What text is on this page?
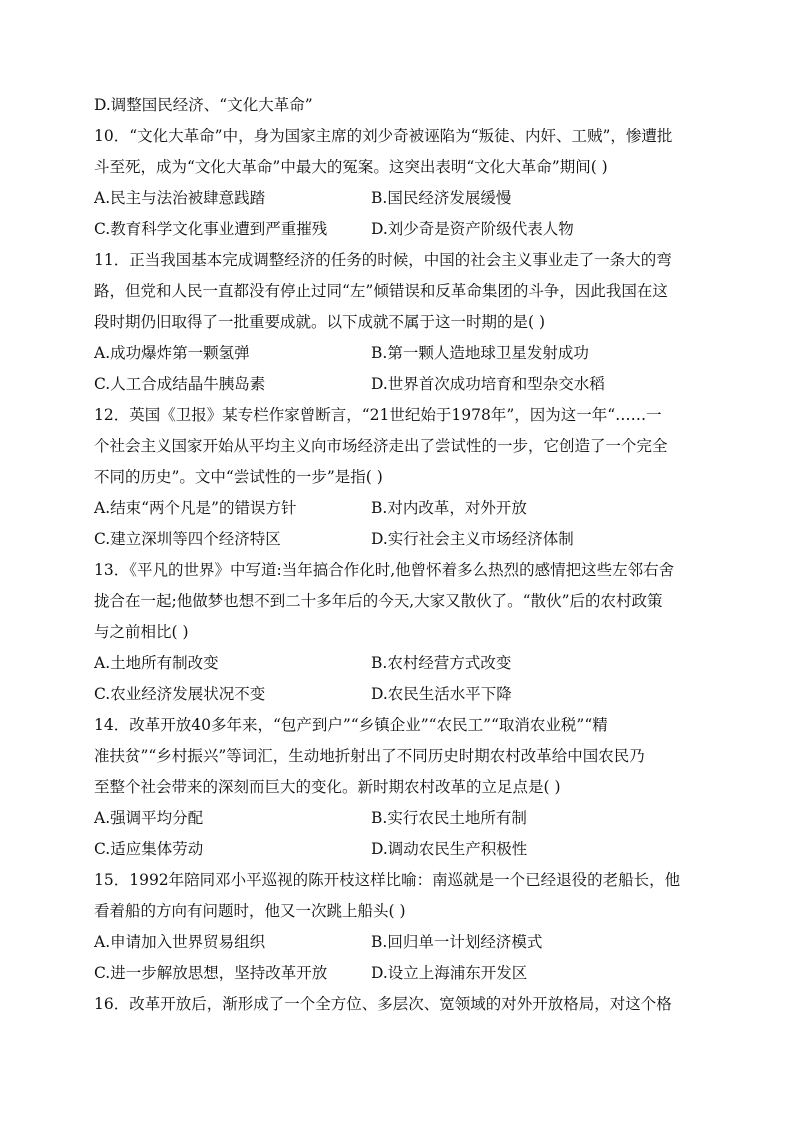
D.调整国民经济、“文化大革命”
10．“文化大革命”中，身为国家主席的刘少奇被诬陷为“叛徒、内奸、工贼”，惨遭批
斗至死，成为“文化大革命”中最大的冤案。这突出表明“文化大革命”期间( )
A.民主与法治被肆意践踏	B.国民经济发展缓慢
C.教育科学文化事业遭到严重摧残	D.刘少奇是资产阶级代表人物
11．正当我国基本完成调整经济的任务的时候，中国的社会主义事业走了一条大的弯
路，但党和人民一直都没有停止过同“左”倾错误和反革命集团的斗争，因此我国在这
段时期仍旧取得了一批重要成就。以下成就不属于这一时期的是( )
A.成功爆炸第一颗氢弹	B.第一颗人造地球卫星发射成功
C.人工合成结晶牛胰岛素	D.世界首次成功培育和型杂交水稻
12．英国《卫报》某专栏作家曾断言，“21世纪始于1978年”，因为这一年“……一
个社会主义国家开始从平均主义向市场经济走出了尝试性的一步，它创造了一个完全
不同的历史”。文中“尝试性的一步”是指( )
A.结束“两个凡是”的错误方针	B.对内改革，对外开放
C.建立深圳等四个经济特区	D.实行社会主义市场经济体制
13．《平凡的世界》中写道:当年搞合作化时,他曾怀着多么热烈的感情把这些左邻右舍
拢合在一起;他做梦也想不到二十多年后的今天,大家又散伙了。“散伙”后的农村政策
与之前相比( )
A.土地所有制改变	B.农村经营方式改变
C.农业经济发展状况不变	D.农民生活水平下降
14．改革开放40多年来，“包产到户”“乡镇企业”“农民工”“取消农业税”“精
准扶贫”“乡村振兴”等词汇，生动地折射出了不同历史时期农村改革给中国农民乃
至整个社会带来的深刻而巨大的变化。新时期农村改革的立足点是( )
A.强调平均分配	B.实行农民土地所有制
C.适应集体劳动	D.调动农民生产积极性
15．1992年陪同邓小平巡视的陈开枝这样比喻：南巡就是一个已经退役的老船长，他
看着船的方向有问题时，他又一次跳上船头( )
A.申请加入世界贸易组织	B.回归单一计划经济模式
C.进一步解放思想，坚持改革开放	D.设立上海浦东开发区
16．改革开放后，渐形成了一个全方位、多层次、宽领域的对外开放格局，对这个格
